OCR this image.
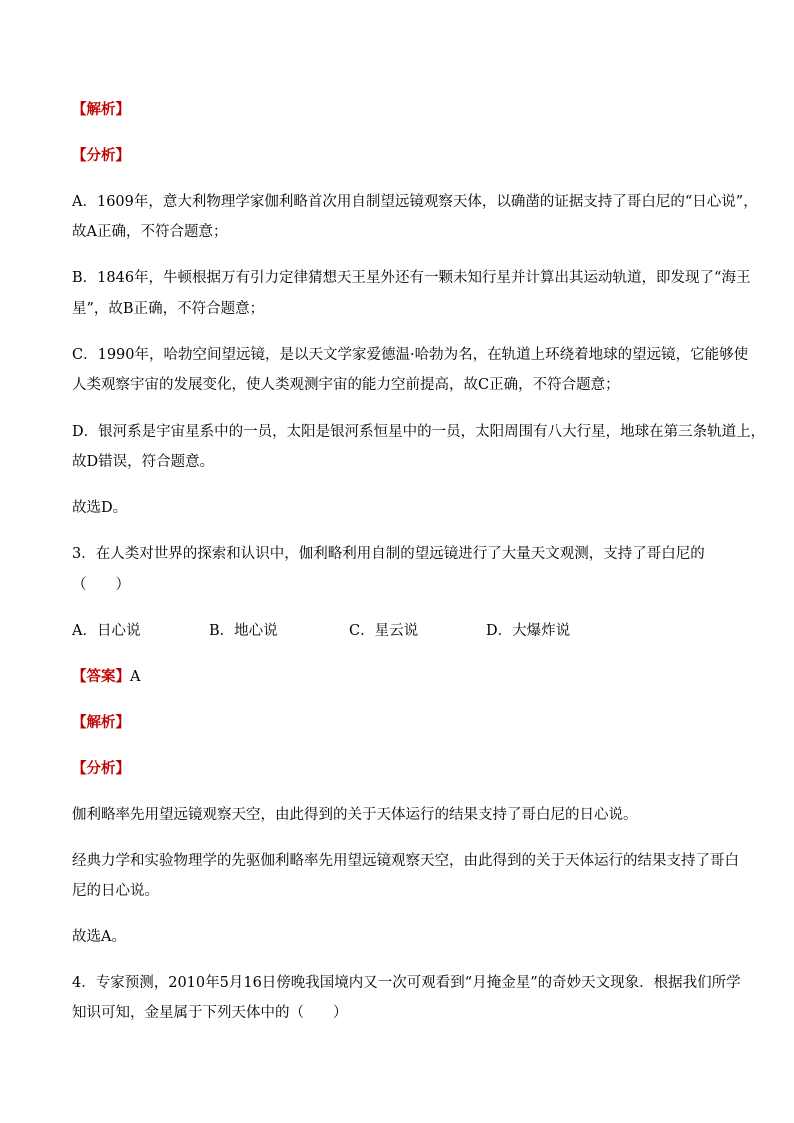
【解析】
【分析】
A．1609年，意大利物理学家伽利略首次用自制望远镜观察天体，以确凿的证据支持了哥白尼的“日心说”，
故A正确，不符合题意；
B．1846年，牛顿根据万有引力定律猜想天王星外还有一颗未知行星并计算出其运动轨道，即发现了“海王
星”，故B正确，不符合题意；
C．1990年，哈勃空间望远镜，是以天文学家爱德温·哈勃为名，在轨道上环绕着地球的望远镜，它能够使
人类观察宇宙的发展变化，使人类观测宇宙的能力空前提高，故C正确，不符合题意；
D．银河系是宇宙星系中的一员，太阳是银河系恒星中的一员，太阳周围有八大行星，地球在第三条轨道上，
故D错误，符合题意。
故选D。
3．在人类对世界的探索和认识中，伽利略利用自制的望远镜进行了大量天文观测，支持了哥白尼的
（　　）
A．日心说	B．地心说	C．星云说	D．大爆炸说
【答案】A
【解析】
【分析】
伽利略率先用望远镜观察天空，由此得到的关于天体运行的结果支持了哥白尼的日心说。
经典力学和实验物理学的先驱伽利略率先用望远镜观察天空，由此得到的关于天体运行的结果支持了哥白
尼的日心说。
故选A。
4．专家预测，2010年5月16日傍晚我国境内又一次可观看到“月掩金星”的奇妙天文现象．根据我们所学
知识可知，金星属于下列天体中的（　　）
